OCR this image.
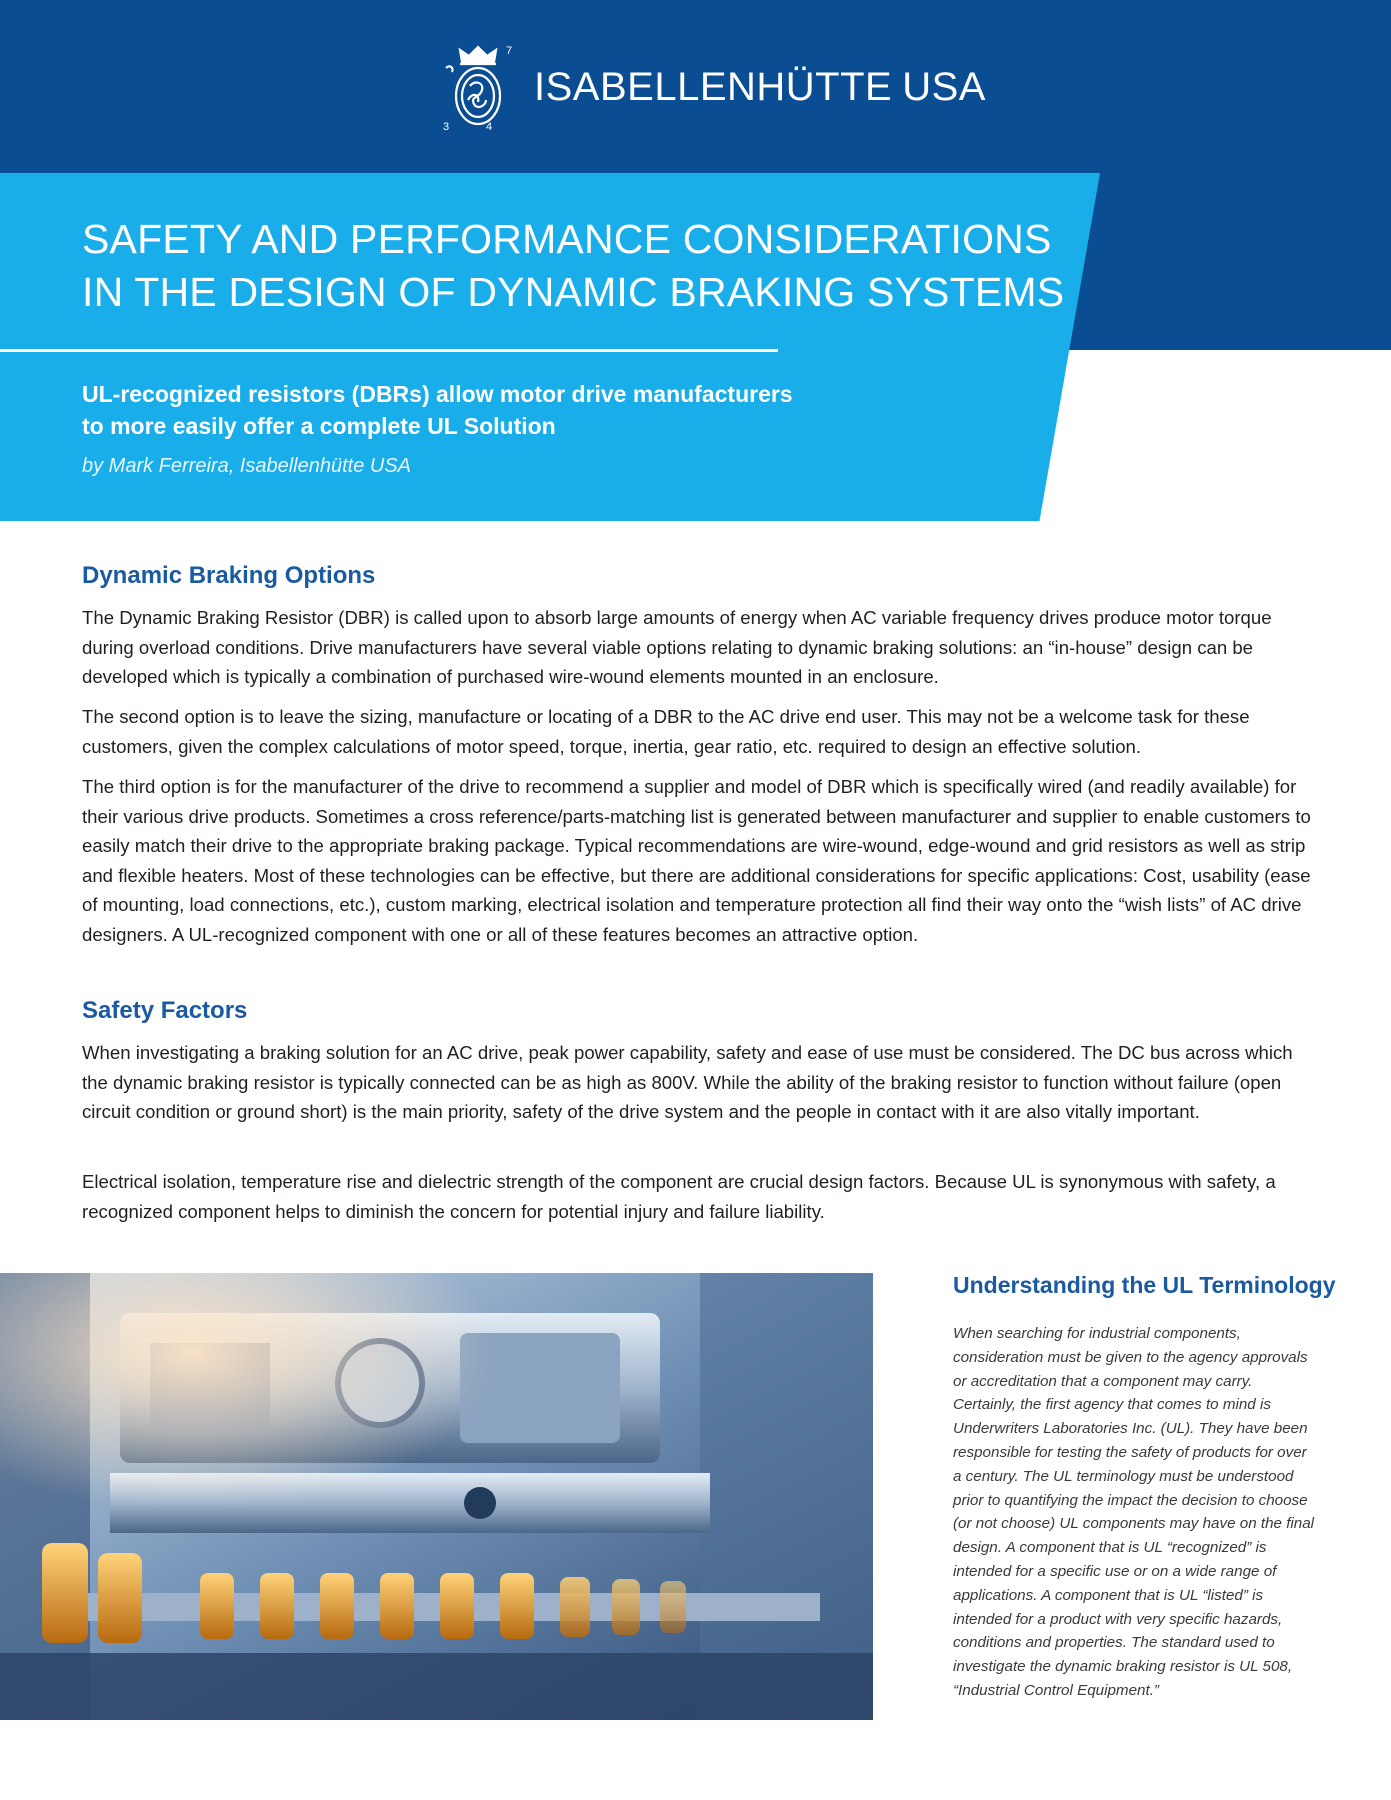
7
3	4
ISABELLENHÜTTE USA
SAFETY AND PERFORMANCE CONSIDERATIONS
IN THE DESIGN OF DYNAMIC BRAKING SYSTEMS
UL-recognized resistors (DBRs) allow motor drive manufacturers
to more easily offer a complete UL Solution

by Mark Ferreira, Isabellenhütte USA

Dynamic Braking Options

The Dynamic Braking Resistor (DBR) is called upon to absorb large amounts of energy when AC variable frequency drives produce motor torque during overload conditions. Drive manufacturers have several viable options relating to dynamic braking solutions: an “in-house” design can be developed which is typically a combination of purchased wire-wound elements mounted in an enclosure.

The second option is to leave the sizing, manufacture or locating of a DBR to the AC drive end user. This may not be a welcome task for these customers, given the complex calculations of motor speed, torque, inertia, gear ratio, etc. required to design an effective solution.

The third option is for the manufacturer of the drive to recommend a supplier and model of DBR which is specifically wired (and readily available) for their various drive products. Sometimes a cross reference/parts-matching list is generated between manufacturer and supplier to enable customers to easily match their drive to the appropriate braking package. Typical recommendations are wire-wound, edge-wound and grid resistors as well as strip and flexible heaters. Most of these technologies can be effective, but there are additional considerations for specific applications: Cost, usability (ease of mounting, load connections, etc.), custom marking, electrical isolation and temperature protection all find their way onto the “wish lists” of AC drive designers. A UL-recognized component with one or all of these features becomes an attractive option.

Safety Factors

When investigating a braking solution for an AC drive, peak power capability, safety and ease of use must be considered. The DC bus across which the dynamic braking resistor is typically connected can be as high as 800V. While the ability of the braking resistor to function without failure (open circuit condition or ground short) is the main priority, safety of the drive system and the people in contact with it are also vitally important.

Electrical isolation, temperature rise and dielectric strength of the component are crucial design factors. Because UL is synonymous with safety, a recognized component helps to diminish the concern for potential injury and failure liability.

Understanding the UL Terminology

When searching for industrial components, consideration must be given to the agency approvals or accreditation that a component may carry. Certainly, the first agency that comes to mind is Underwriters Laboratories Inc. (UL). They have been responsible for testing the safety of products for over a century. The UL terminology must be understood prior to quantifying the impact the decision to choose (or not choose) UL components may have on the final design. A component that is UL “recognized” is intended for a specific use or on a wide range of applications. A component that is UL “listed” is intended for a product with very specific hazards, conditions and properties. The standard used to investigate the dynamic braking resistor is UL 508, “Industrial Control Equipment.”
